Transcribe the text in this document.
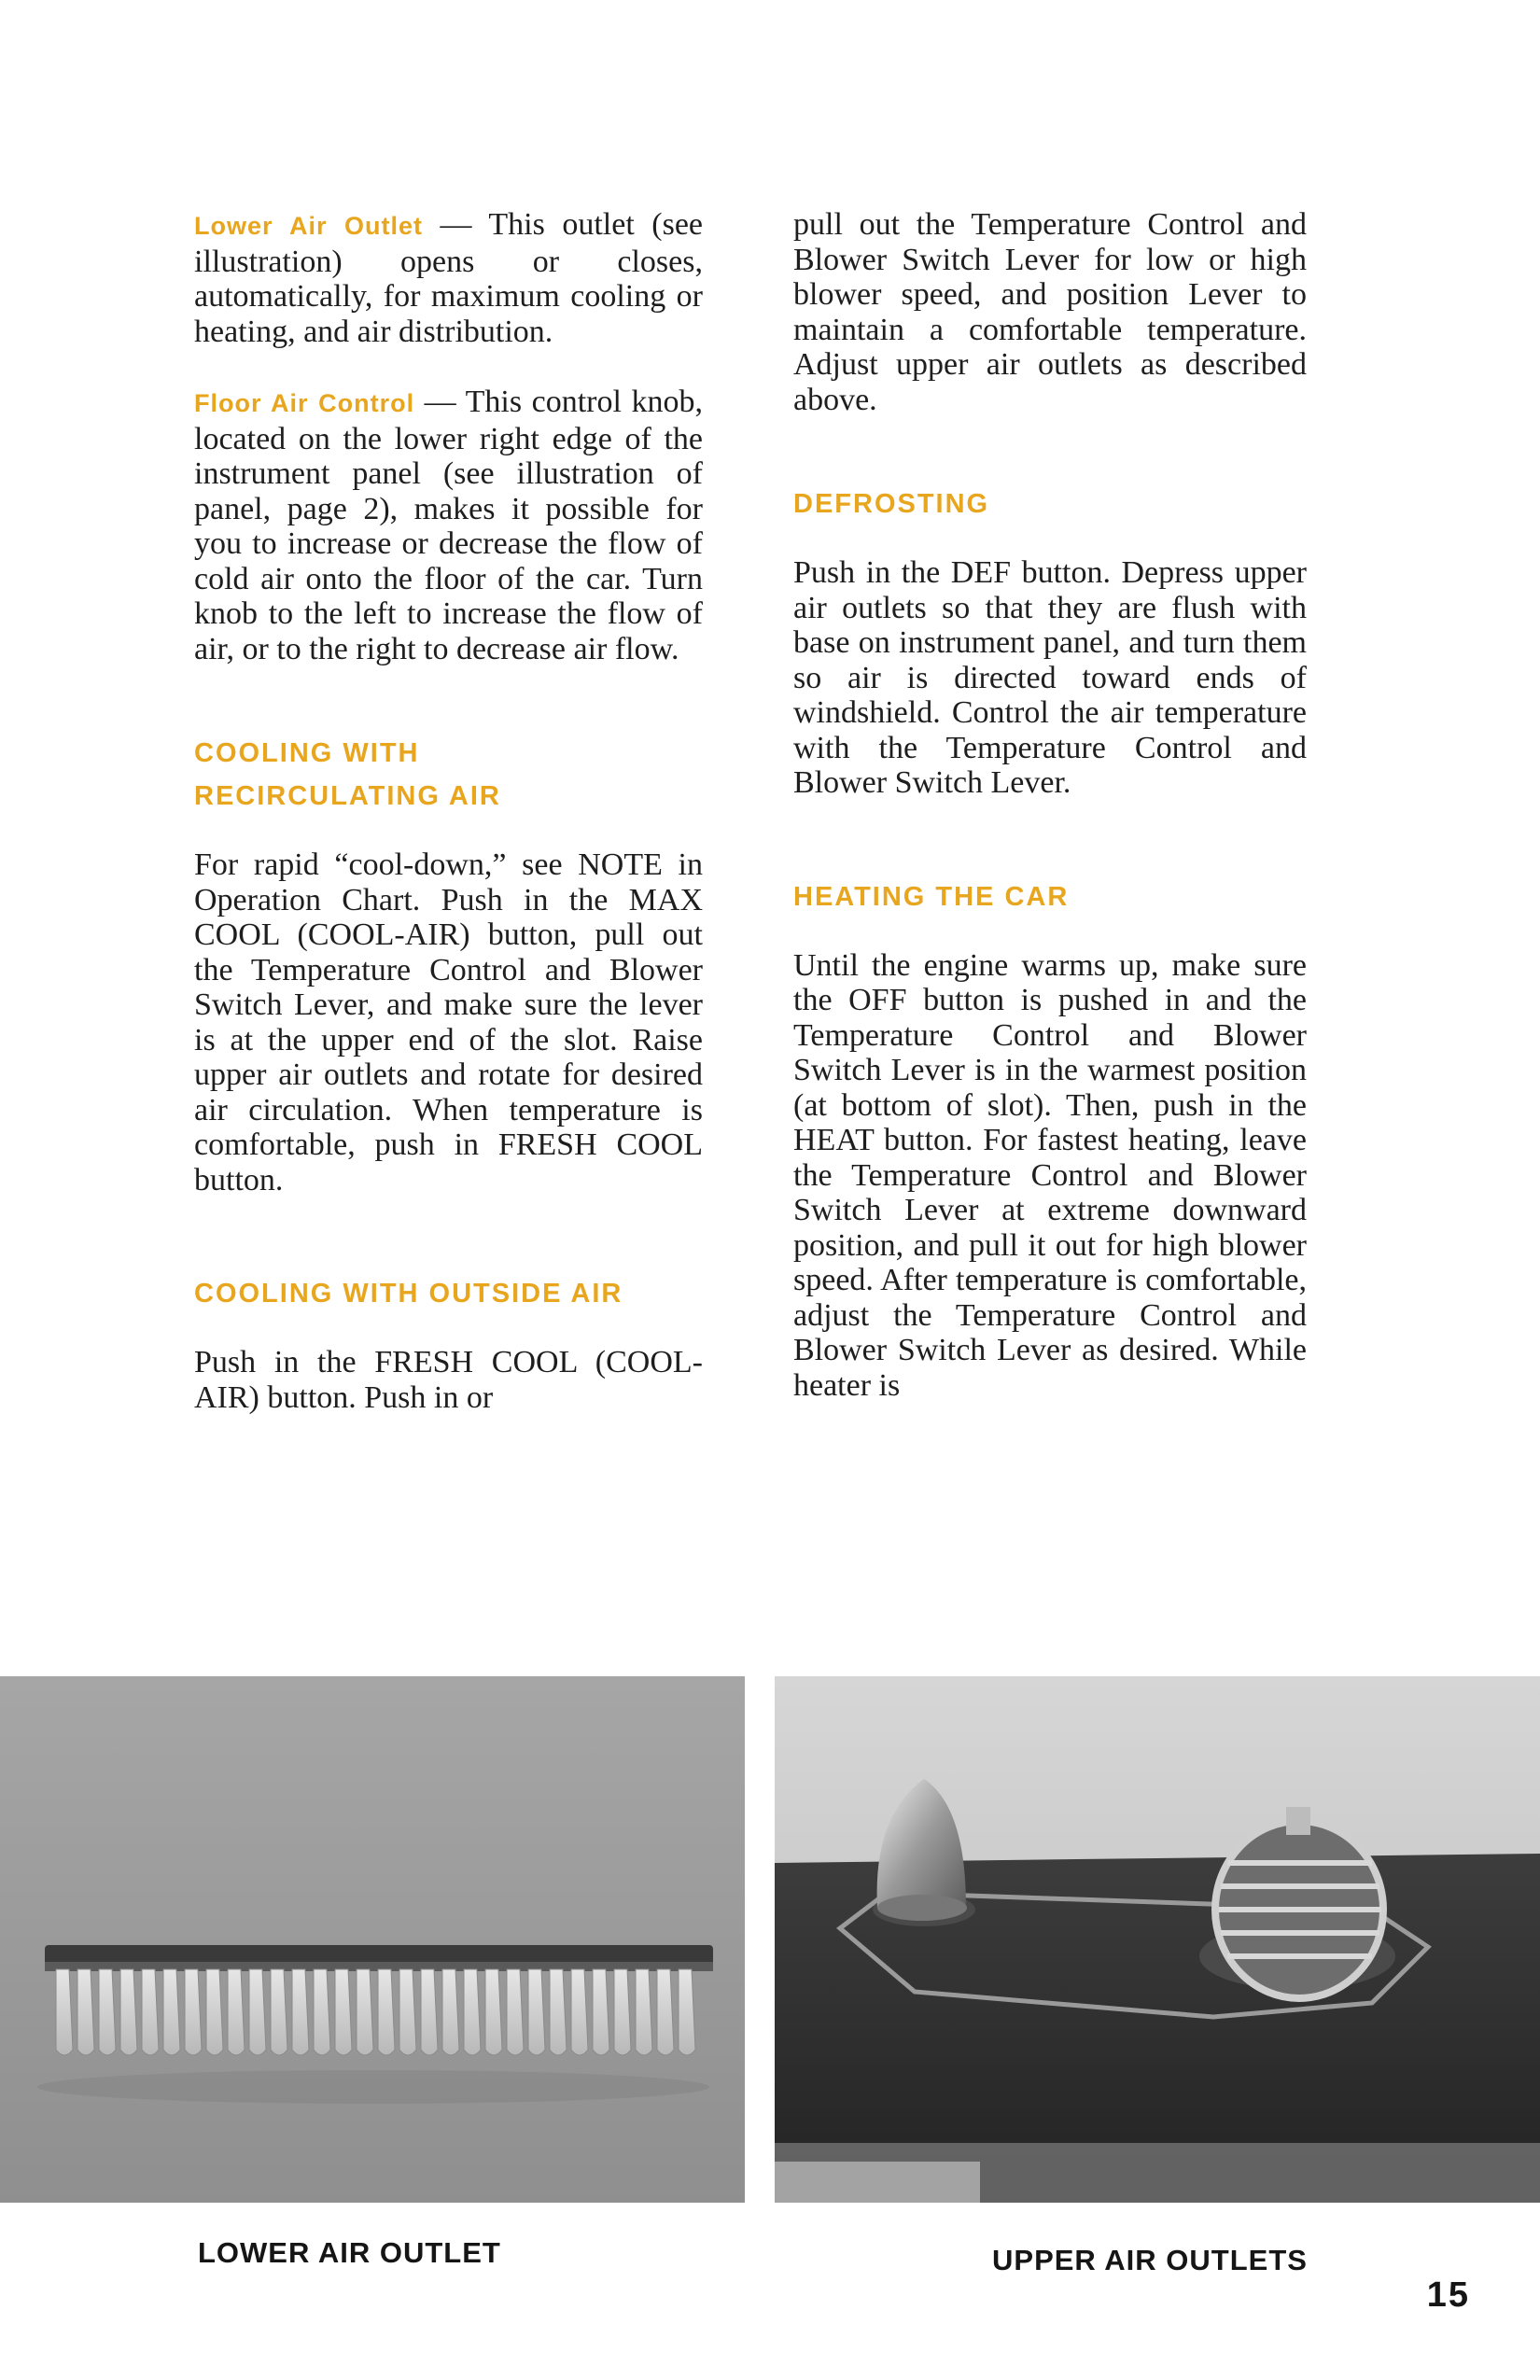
Lower Air Outlet — This outlet (see illustration) opens or closes, automatically, for maximum cooling or heating, and air distribution.

Floor Air Control — This control knob, located on the lower right edge of the instrument panel (see illustration of panel, page 2), makes it possible for you to increase or decrease the flow of cold air onto the floor of the car. Turn knob to the left to increase the flow of air, or to the right to decrease air flow.

COOLING WITH
RECIRCULATING AIR

For rapid “cool-down,” see NOTE in Operation Chart. Push in the MAX COOL (COOL-AIR) button, pull out the Temperature Control and Blower Switch Lever, and make sure the lever is at the upper end of the slot. Raise upper air outlets and rotate for desired air circulation. When temperature is comfortable, push in FRESH COOL button.

COOLING WITH OUTSIDE AIR

Push in the FRESH COOL (COOL-AIR) button. Push in or

pull out the Temperature Control and Blower Switch Lever for low or high blower speed, and position Lever to maintain a comfortable temperature. Adjust upper air outlets as described above.

DEFROSTING

Push in the DEF button. Depress upper air outlets so that they are flush with base on instrument panel, and turn them so air is directed toward ends of windshield. Control the air temperature with the Temperature Control and Blower Switch Lever.

HEATING THE CAR

Until the engine warms up, make sure the OFF button is pushed in and the Temperature Control and Blower Switch Lever is in the warmest position (at bottom of slot). Then, push in the HEAT button. For fastest heating, leave the Temperature Control and Blower Switch Lever at extreme downward position, and pull it out for high blower speed. After temperature is comfortable, adjust the Temperature Control and Blower Switch Lever as desired. While heater is

LOWER AIR OUTLET	UPPER AIR OUTLETS
15
